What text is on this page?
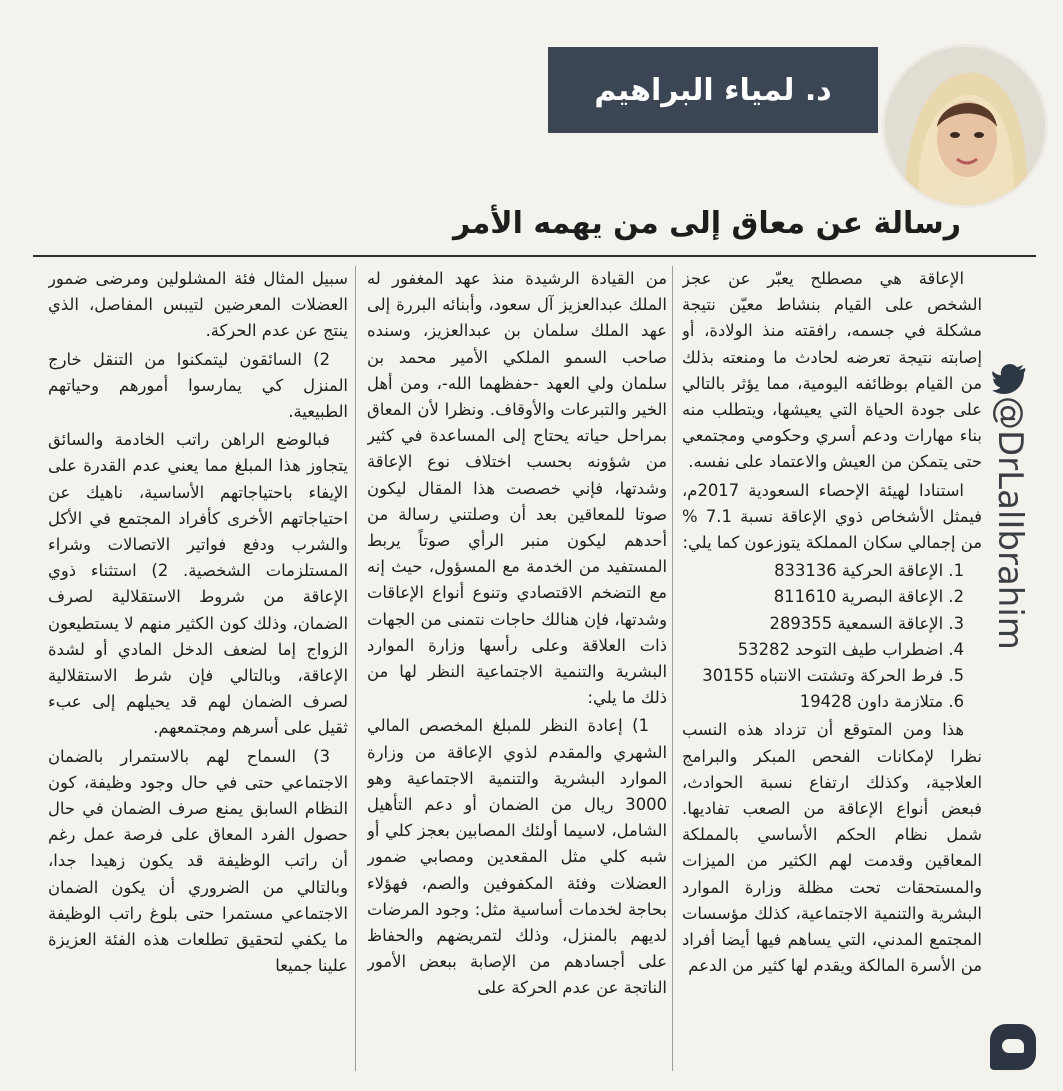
د. لمياء البراهيم
رسالة عن معاق إلى من يهمه الأمر
@DrLalIbrahim

الإعاقة هي مصطلح يعبّر عن عجز الشخص على القيام بنشاط معيّن نتيجة مشكلة في جسمه، رافقته منذ الولادة، أو إصابته نتيجة تعرضه لحادث ما ومنعته بذلك من القيام بوظائفه اليومية، مما يؤثر بالتالي على جودة الحياة التي يعيشها، ويتطلب منه بناء مهارات ودعم أسري وحكومي ومجتمعي حتى يتمكن من العيش والاعتماد على نفسه.

استنادا لهيئة الإحصاء السعودية 2017م، فيمثل الأشخاص ذوي الإعاقة نسبة 7.1 % من إجمالي سكان المملكة يتوزعون كما يلي:

1. الإعاقة الحركية 833136
2. الإعاقة البصرية 811610
3. الإعاقة السمعية 289355
4. اضطراب طيف التوحد 53282
5. فرط الحركة وتشتت الانتباه 30155
6. متلازمة داون 19428

هذا ومن المتوقع أن تزداد هذه النسب نظرا لإمكانات الفحص المبكر والبرامج العلاجية، وكذلك ارتفاع نسبة الحوادث، فبعض أنواع الإعاقة من الصعب تفاديها. شمل نظام الحكم الأساسي بالمملكة المعاقين وقدمت لهم الكثير من الميزات والمستحقات تحت مظلة وزارة الموارد البشرية والتنمية الاجتماعية، كذلك مؤسسات المجتمع المدني، التي يساهم فيها أيضا أفراد من الأسرة المالكة ويقدم لها كثير من الدعم

من القيادة الرشيدة منذ عهد المغفور له الملك عبدالعزيز آل سعود، وأبنائه البررة إلى عهد الملك سلمان بن عبدالعزيز، وسنده صاحب السمو الملكي الأمير محمد بن سلمان ولي العهد -حفظهما الله-، ومن أهل الخير والتبرعات والأوقاف. ونظرا لأن المعاق بمراحل حياته يحتاج إلى المساعدة في كثير من شؤونه بحسب اختلاف نوع الإعاقة وشدتها، فإني خصصت هذا المقال ليكون صوتا للمعاقين بعد أن وصلتني رسالة من أحدهم ليكون منبر الرأي صوتاً يربط المستفيد من الخدمة مع المسؤول، حيث إنه مع التضخم الاقتصادي وتنوع أنواع الإعاقات وشدتها، فإن هنالك حاجات نتمنى من الجهات ذات العلاقة وعلى رأسها وزارة الموارد البشرية والتنمية الاجتماعية النظر لها من ذلك ما يلي:

1) إعادة النظر للمبلغ المخصص المالي الشهري والمقدم لذوي الإعاقة من وزارة الموارد البشرية والتنمية الاجتماعية وهو 3000 ريال من الضمان أو دعم التأهيل الشامل، لاسيما أولئك المصابين بعجز كلي أو شبه كلي مثل المقعدين ومصابي ضمور العضلات وفئة المكفوفين والصم، فهؤلاء بحاجة لخدمات أساسية مثل: وجود المرضات لديهم بالمنزل، وذلك لتمريضهم والحفاظ على أجسادهم من الإصابة ببعض الأمور الناتجة عن عدم الحركة على

سبيل المثال فئة المشلولين ومرضى ضمور العضلات المعرضين لتيبس المفاصل، الذي ينتج عن عدم الحركة.

2) السائقون ليتمكنوا من التنقل خارج المنزل كي يمارسوا أمورهم وحياتهم الطبيعية.

فبالوضع الراهن راتب الخادمة والسائق يتجاوز هذا المبلغ مما يعني عدم القدرة على الإيفاء باحتياجاتهم الأساسية، ناهيك عن احتياجاتهم الأخرى كأفراد المجتمع في الأكل والشرب ودفع فواتير الاتصالات وشراء المستلزمات الشخصية. 2) استثناء ذوي الإعاقة من شروط الاستقلالية لصرف الضمان، وذلك كون الكثير منهم لا يستطيعون الزواج إما لضعف الدخل المادي أو لشدة الإعاقة، وبالتالي فإن شرط الاستقلالية لصرف الضمان لهم قد يحيلهم إلى عبء ثقيل على أسرهم ومجتمعهم.

3) السماح لهم بالاستمرار بالضمان الاجتماعي حتى في حال وجود وظيفة، كون النظام السابق يمنع صرف الضمان في حال حصول الفرد المعاق على فرصة عمل رغم أن راتب الوظيفة قد يكون زهيدا جدا، وبالتالي من الضروري أن يكون الضمان الاجتماعي مستمرا حتى بلوغ راتب الوظيفة ما يكفي لتحقيق تطلعات هذه الفئة العزيزة علينا جميعا
